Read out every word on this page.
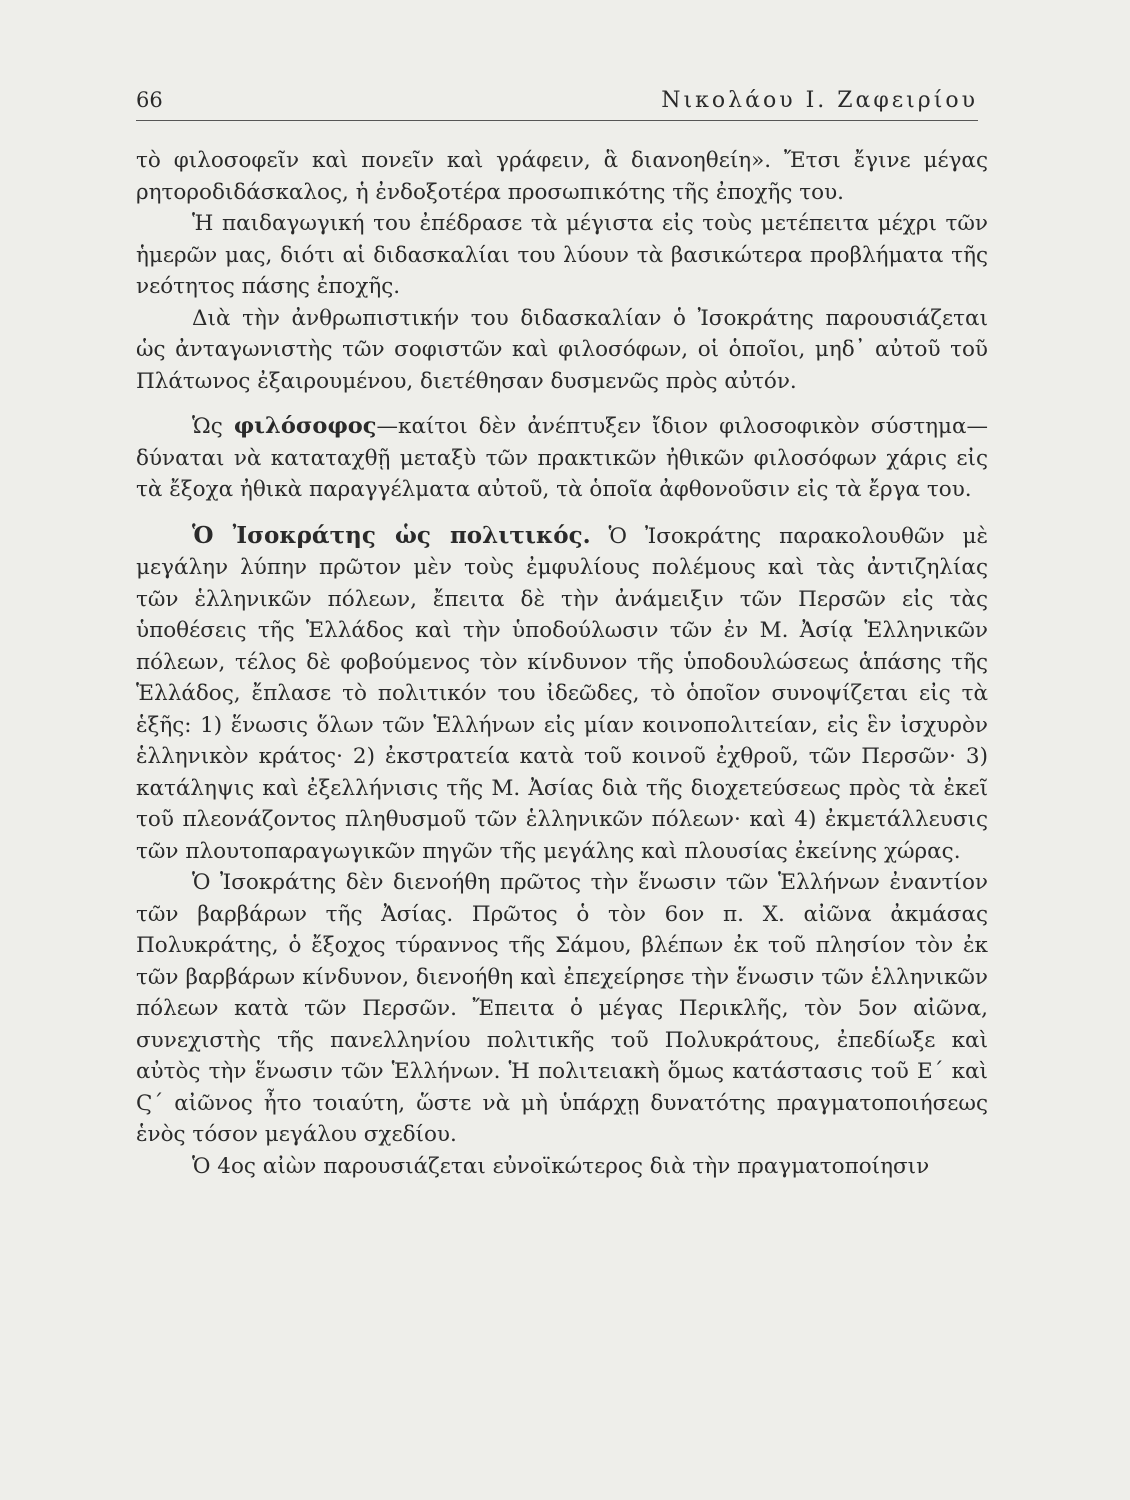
66	Νικολάου Ι. Ζαφειρίου

τὸ φιλοσοφεῖν καὶ πονεῖν καὶ γράφειν, ἃ διανοηθείη». Ἔτσι ἔγινε μέγας ρητοροδιδάσκαλος, ἡ ἐνδοξοτέρα προσωπικότης τῆς ἐποχῆς του.

Ἡ παιδαγωγική του ἐπέδρασε τὰ μέγιστα εἰς τοὺς μετέπειτα μέχρι τῶν ἡμερῶν μας, διότι αἱ διδασκαλίαι του λύουν τὰ βασικώτερα προβλήματα τῆς νεότητος πάσης ἐποχῆς.

Διὰ τὴν ἀνθρωπιστικήν του διδασκαλίαν ὁ Ἰσοκράτης παρουσιάζεται ὡς ἀνταγωνιστὴς τῶν σοφιστῶν καὶ φιλοσόφων, οἱ ὁποῖοι, μηδ᾽ αὐτοῦ τοῦ Πλάτωνος ἐξαιρουμένου, διετέθησαν δυσμενῶς πρὸς αὐτόν.

Ὡς φιλόσοφος—καίτοι δὲν ἀνέπτυξεν ἴδιον φιλοσοφικὸν σύστημα— δύναται νὰ καταταχθῇ μεταξὺ τῶν πρακτικῶν ἠθικῶν φιλοσόφων χάρις εἰς τὰ ἔξοχα ἠθικὰ παραγγέλματα αὐτοῦ, τὰ ὁποῖα ἀφθονοῦσιν εἰς τὰ ἔργα του.

Ὁ Ἰσοκράτης ὡς πολιτικός. Ὁ Ἰσοκράτης παρακολουθῶν μὲ μεγάλην λύπην πρῶτον μὲν τοὺς ἐμφυλίους πολέμους καὶ τὰς ἀντιζηλίας τῶν ἑλληνικῶν πόλεων, ἔπειτα δὲ τὴν ἀνάμειξιν τῶν Περσῶν εἰς τὰς ὑποθέσεις τῆς Ἑλλάδος καὶ τὴν ὑποδούλωσιν τῶν ἐν Μ. Ἀσίᾳ Ἑλληνικῶν πόλεων, τέλος δὲ φοβούμενος τὸν κίνδυνον τῆς ὑποδουλώσεως ἁπάσης τῆς Ἑλλάδος, ἔπλασε τὸ πολιτικόν του ἰδεῶδες, τὸ ὁποῖον συνοψίζεται εἰς τὰ ἑξῆς: 1) ἕνωσις ὅλων τῶν Ἑλλήνων εἰς μίαν κοινοπολιτείαν, εἰς ἓν ἰσχυρὸν ἑλληνικὸν κράτος· 2) ἐκστρατεία κατὰ τοῦ κοινοῦ ἐχθροῦ, τῶν Περσῶν· 3) κατάληψις καὶ ἐξελλήνισις τῆς Μ. Ἀσίας διὰ τῆς διοχετεύσεως πρὸς τὰ ἐκεῖ τοῦ πλεονάζοντος πληθυσμοῦ τῶν ἑλληνικῶν πόλεων· καὶ 4) ἐκμετάλλευσις τῶν πλουτοπαραγωγικῶν πηγῶν τῆς μεγάλης καὶ πλουσίας ἐκείνης χώρας.

Ὁ Ἰσοκράτης δὲν διενοήθη πρῶτος τὴν ἕνωσιν τῶν Ἑλλήνων ἐναντίον τῶν βαρβάρων τῆς Ἀσίας. Πρῶτος ὁ τὸν 6ον π. Χ. αἰῶνα ἀκμάσας Πολυκράτης, ὁ ἔξοχος τύραννος τῆς Σάμου, βλέπων ἐκ τοῦ πλησίον τὸν ἐκ τῶν βαρβάρων κίνδυνον, διενοήθη καὶ ἐπεχείρησε τὴν ἕνωσιν τῶν ἑλληνικῶν πόλεων κατὰ τῶν Περσῶν. Ἔπειτα ὁ μέγας Περικλῆς, τὸν 5ον αἰῶνα, συνεχιστὴς τῆς πανελληνίου πολιτικῆς τοῦ Πολυκράτους, ἐπεδίωξε καὶ αὐτὸς τὴν ἕνωσιν τῶν Ἑλλήνων. Ἡ πολιτειακὴ ὅμως κατάστασις τοῦ Ε΄ καὶ Ϛ΄ αἰῶνος ἦτο τοιαύτη, ὥστε νὰ μὴ ὑπάρχῃ δυνατότης πραγματοποιήσεως ἑνὸς τόσον μεγάλου σχεδίου.

Ὁ 4ος αἰὼν παρουσιάζεται εὐνοϊκώτερος διὰ τὴν πραγματοποίησιν
